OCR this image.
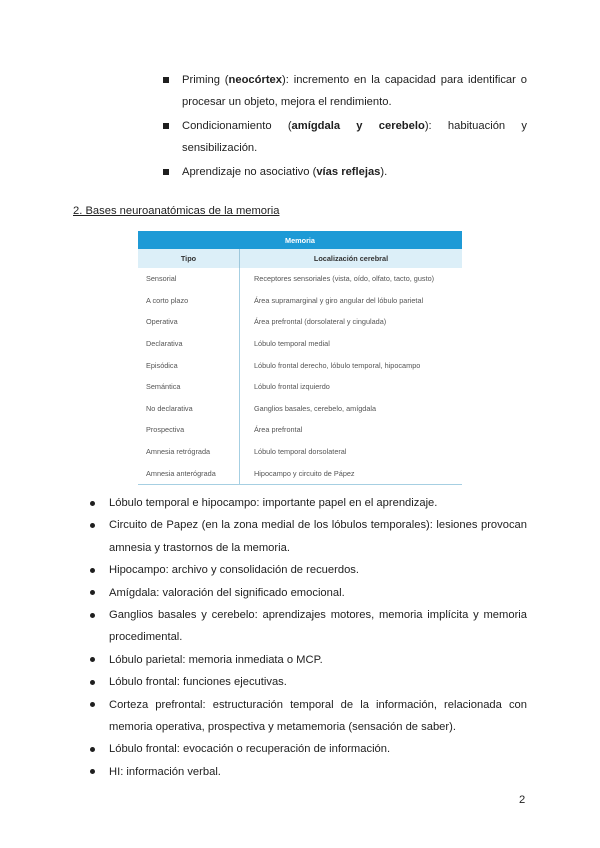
Priming (neocórtex): incremento en la capacidad para identificar o procesar un objeto, mejora el rendimiento.
Condicionamiento (amígdala y cerebelo): habituación y sensibilización.
Aprendizaje no asociativo (vías reflejas).
2. Bases neuroanatómicas de la memoria
Memoria	
Tipo	Localización cerebral
Sensorial	Receptores sensoriales (vista, oído, olfato, tacto, gusto)
A corto plazo	Área supramarginal y giro angular del lóbulo parietal
Operativa	Área prefrontal (dorsolateral y cingulada)
Declarativa	Lóbulo temporal medial
Episódica	Lóbulo frontal derecho, lóbulo temporal, hipocampo
Semántica	Lóbulo frontal izquierdo
No declarativa	Ganglios basales, cerebelo, amígdala
Prospectiva	Área prefrontal
Amnesia retrógrada	Lóbulo temporal dorsolateral
Amnesia anterógrada	Hipocampo y circuito de Pápez
Lóbulo temporal e hipocampo: importante papel en el aprendizaje.
Circuito de Papez (en la zona medial de los lóbulos temporales): lesiones provocan amnesia y trastornos de la memoria.
Hipocampo: archivo y consolidación de recuerdos.
Amígdala: valoración del significado emocional.
Ganglios basales y cerebelo: aprendizajes motores, memoria implícita y memoria procedimental.
Lóbulo parietal: memoria inmediata o MCP.
Lóbulo frontal: funciones ejecutivas.
Corteza prefrontal: estructuración temporal de la información, relacionada con memoria operativa, prospectiva y metamemoria (sensación de saber).
Lóbulo frontal: evocación o recuperación de información.
HI: información verbal.
2
